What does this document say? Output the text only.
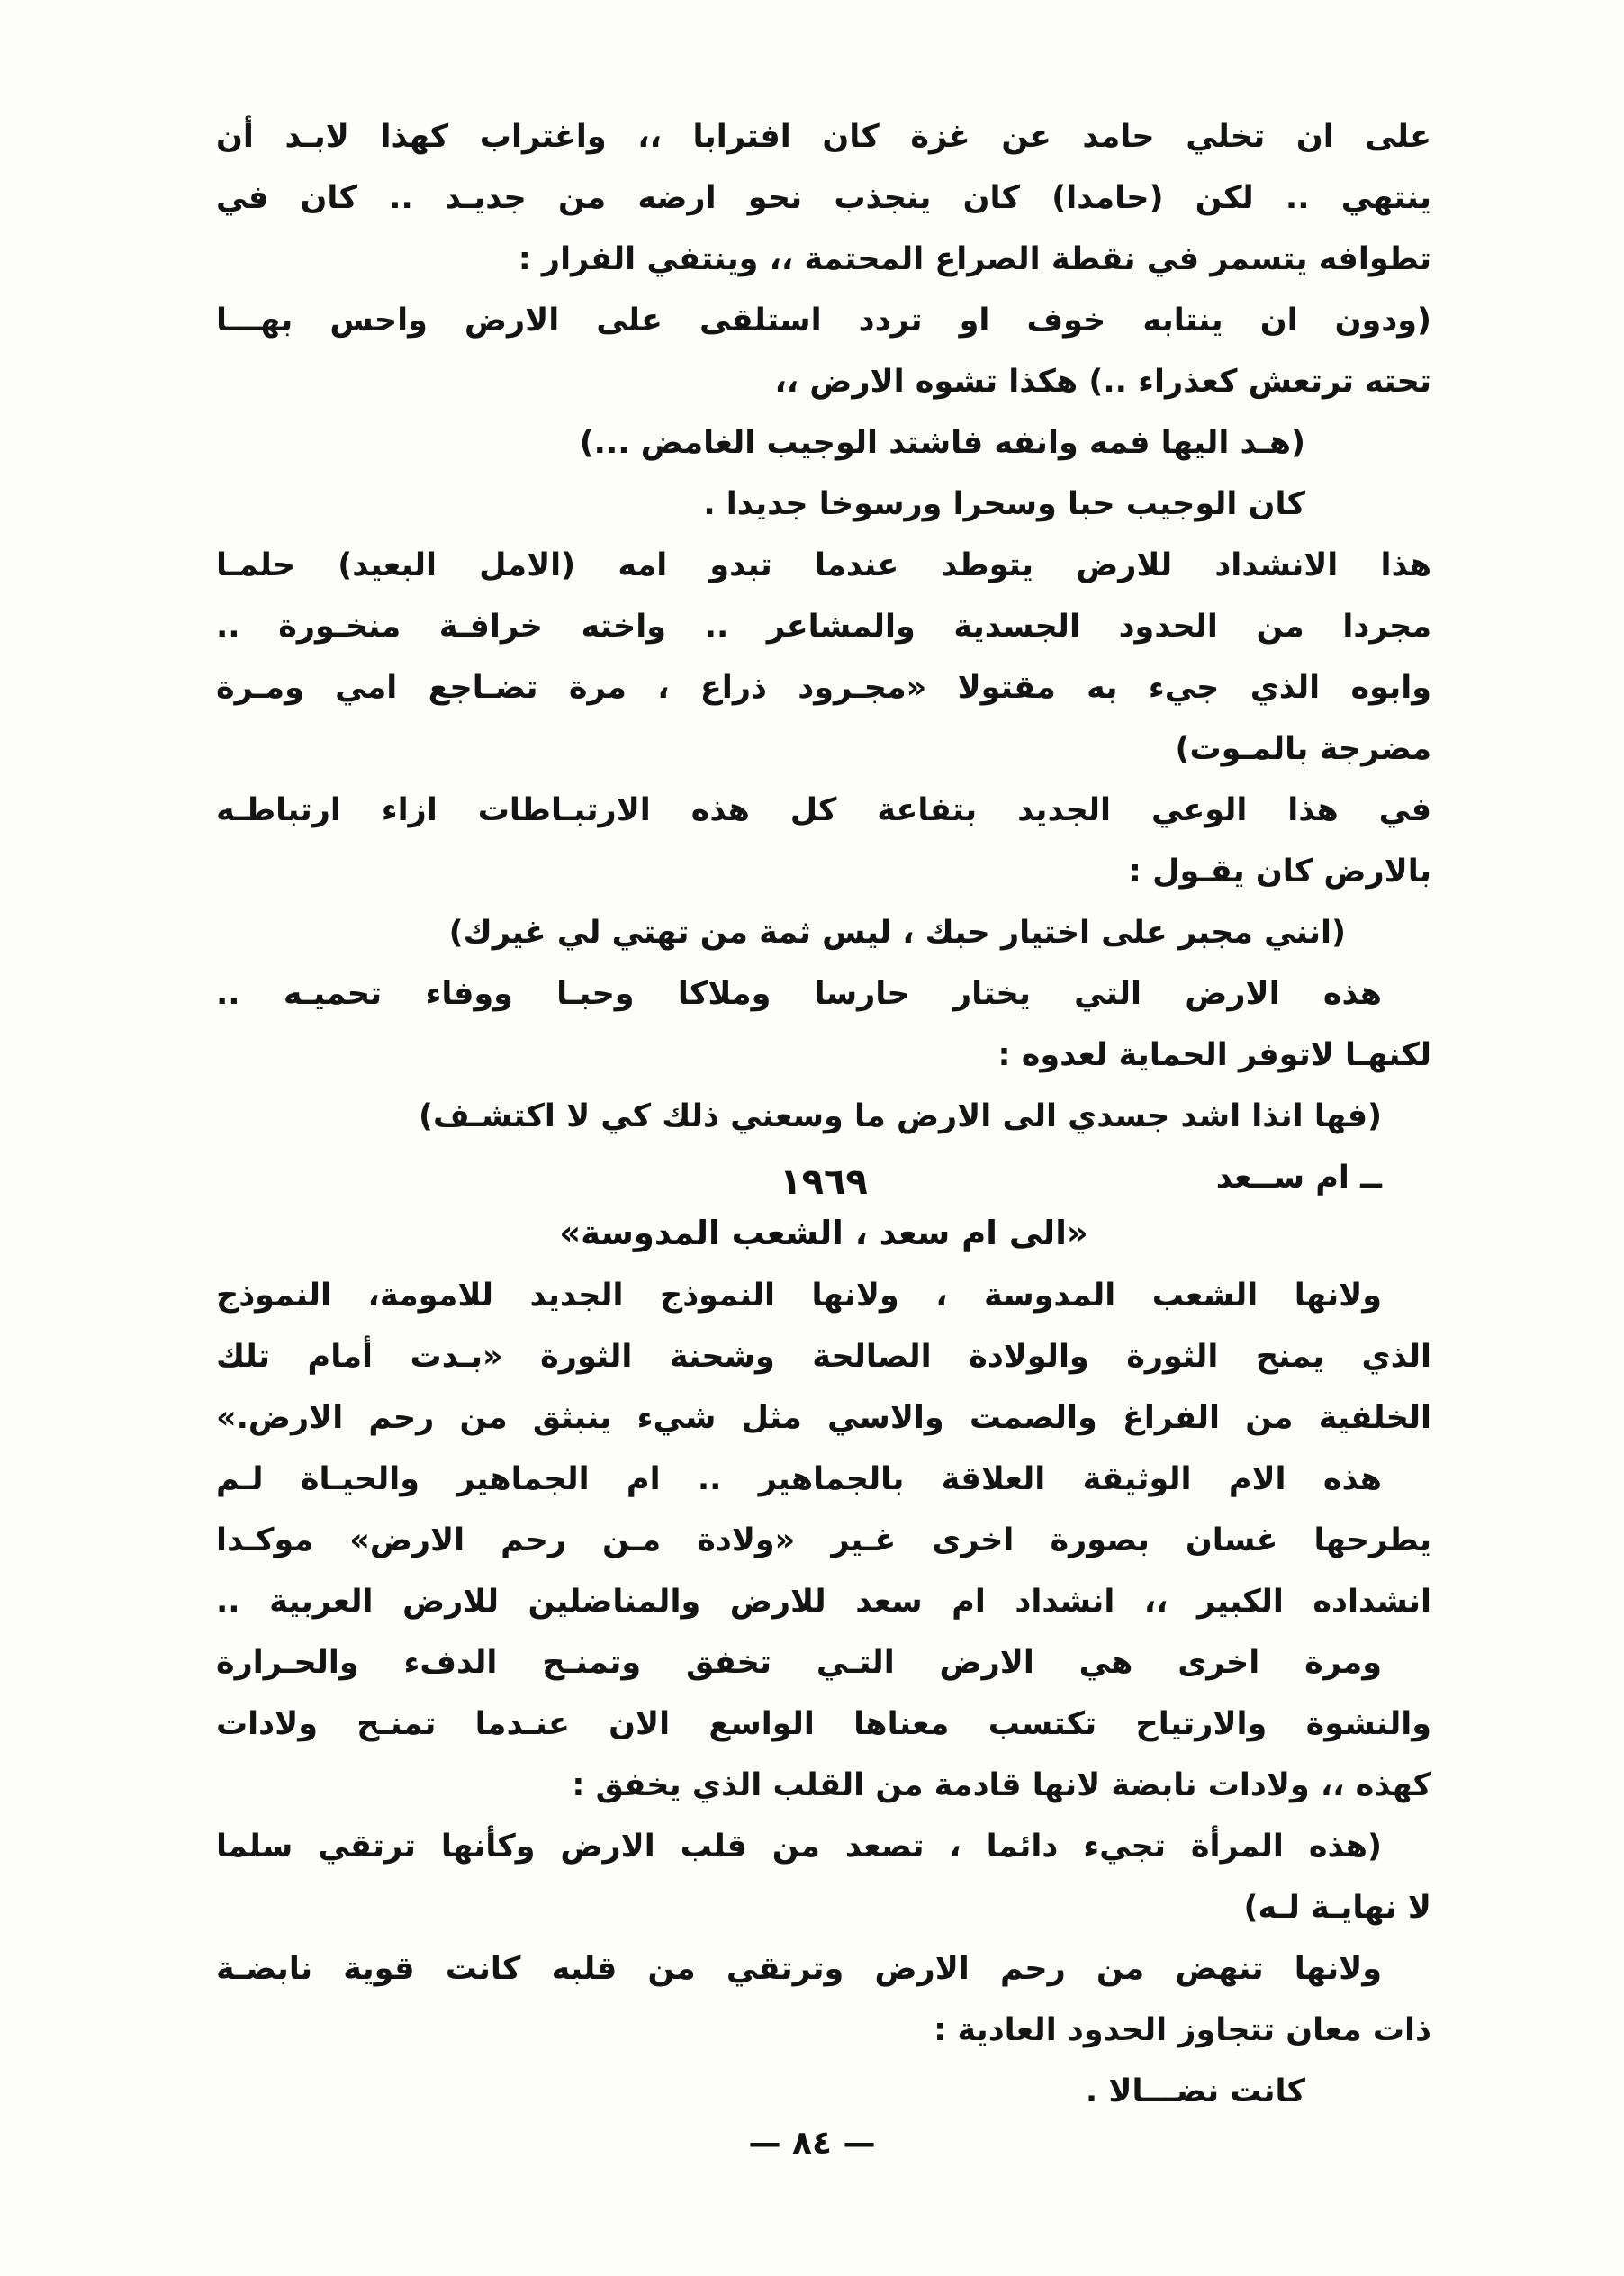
على ان تخلي حامد عن غزة كان افترابا ،، واغتراب كهذا لابـد أن

ينتهي .. لكن (حامدا) كان ينجذب نحو ارضه من جديـد .. كان في

تطوافه يتسمر في نقطة الصراع المحتمة ،، وينتفي الفرار :

(ودون ان ينتابه خوف او تردد استلقى على الارض واحس بهـــا

تحته ترتعش كعذراء ..) هكذا تشوه الارض ،،

(هـد اليها فمه وانفه فاشتد الوجيب الغامض ...)

كان الوجيب حبا وسحرا ورسوخا جديدا .

هذا الانشداد للارض يتوطد عندما تبدو امه (الامل البعيد) حلمـا

مجردا من الحدود الجسدية والمشاعر .. واخته خرافـة منخـورة ..

وابوه الذي جيء به مقتولا «مجـرود ذراع ، مرة تضـاجع امي ومـرة

مضرجة بالمـوت)

في هذا الوعي الجديد بتفاعة كل هذه الارتبـاطات ازاء ارتباطـه

بالارض كان يقـول :

(انني مجبر على اختيار حبك ، ليس ثمة من تهتي لي غيرك)

هذه الارض التي يختار حارسا وملاكا وحبـا ووفاء تحميـه ..

لكنهـا لاتوفر الحماية لعدوه :

(فها انذا اشد جسدي الى الارض ما وسعني ذلك كي لا اكتشـف)

ــ ام ســعد

١٩٦٩
«الى ام سعد ، الشعب المدوسة»

ولانها الشعب المدوسة ، ولانها النموذج الجديد للامومة، النموذج

الذي يمنح الثورة والولادة الصالحة وشحنة الثورة «بـدت أمام تلك

الخلفية من الفراغ والصمت والاسي مثل شيء ينبثق من رحم الارض.»

هذه الام الوثيقة العلاقة بالجماهير .. ام الجماهير والحيـاة لـم

يطرحها غسان بصورة اخرى غـير «ولادة مـن رحم الارض» موكـدا

انشداده الكبير ،، انشداد ام سعد للارض والمناضلين للارض العربية ..

ومرة اخرى هي الارض التـي تخفق وتمنـح الدفء والحـرارة

والنشوة والارتياح تكتسب معناها الواسع الان عنـدما تمنـح ولادات

كهذه ،، ولادات نابضة لانها قادمة من القلب الذي يخفق :

(هذه المرأة تجيء دائما ، تصعد من قلب الارض وكأنها ترتقي سلما

لا نهايـة لـه)

ولانها تنهض من رحم الارض وترتقي من قلبه كانت قوية نابضـة

ذات معان تتجاوز الحدود العادية :

كانت نضـــالا .

— ٨٤ —
